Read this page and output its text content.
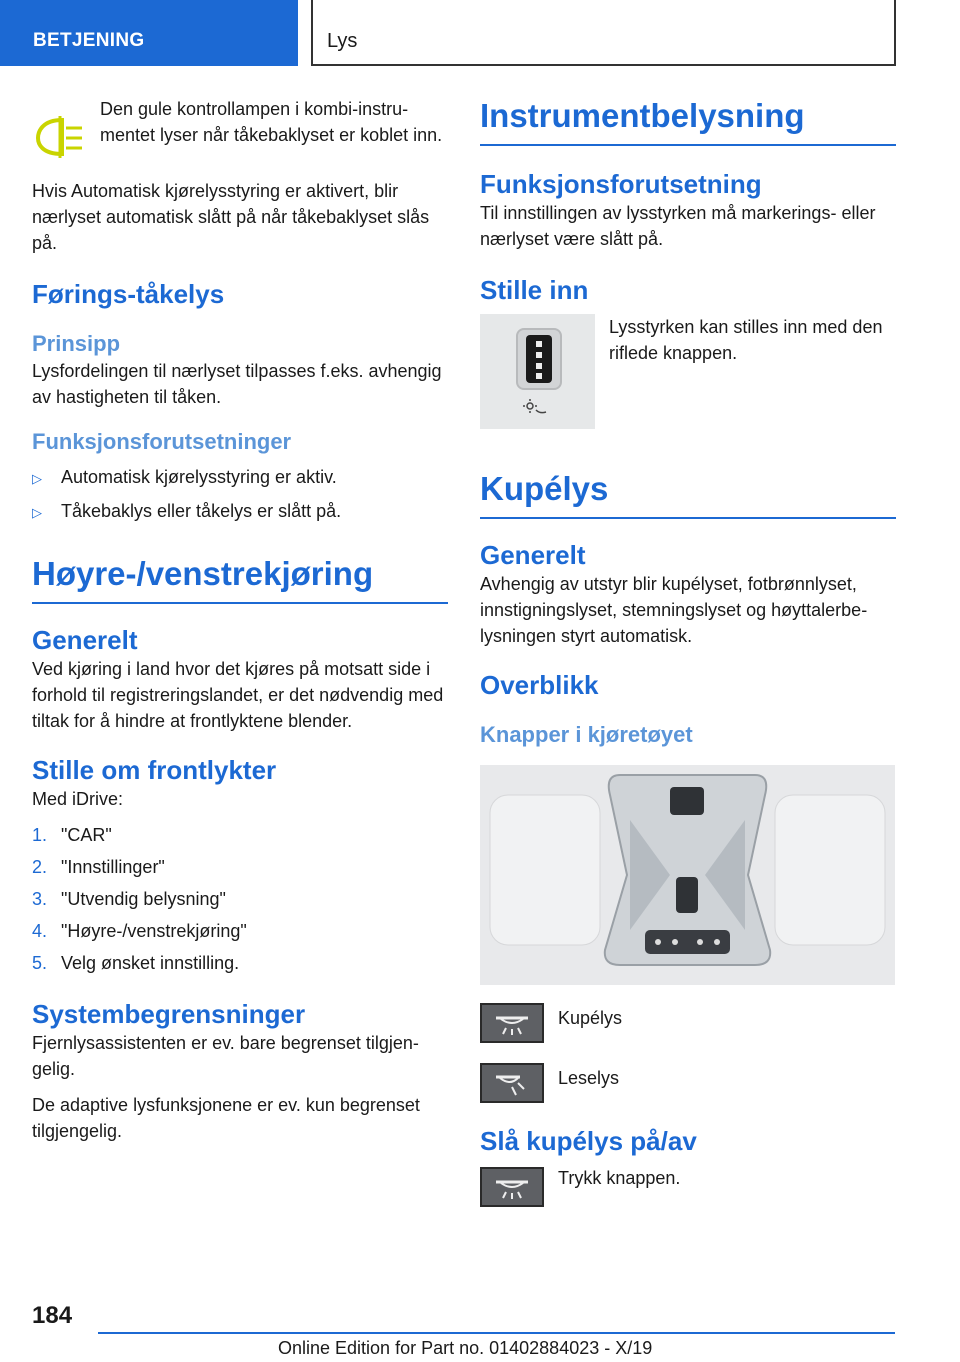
BETJENING	Lys

Den gule kontrollampen i kombi-instrumentet lyser når tåkebaklyset er koblet inn.

Hvis Automatisk kjørelysstyring er aktivert, blir nærlyset automatisk slått på når tåkebaklyset slås på.

Førings-tåkelys
Prinsipp

Lysfordelingen til nærlyset tilpasses f.eks. avhengig av hastigheten til tåken.

Funksjonsforutsetninger
▷	Automatisk kjørelysstyring er aktiv.
▷	Tåkebaklys eller tåkelys er slått på.
Høyre-/venstrekjøring
Generelt

Ved kjøring i land hvor det kjøres på motsatt side i forhold til registreringslandet, er det nødvendig med tiltak for å hindre at frontlyktene blender.

Stille om frontlykter

Med iDrive:

1. "CAR"
2. "Innstillinger"
3. "Utvendig belysning"
4. "Høyre-/venstrekjøring"
5. Velg ønsket innstilling.
Systembegrensninger

Fjernlysassistenten er ev. bare begrenset tilgjengelig.

De adaptive lysfunksjonene er ev. kun begrenset tilgjengelig.

Instrumentbelysning
Funksjonsforutsetning

Til innstillingen av lysstyrken må markerings- eller nærlyset være slått på.

Stille inn

Lysstyrken kan stilles inn med den riflede knappen.

Kupélys
Generelt

Avhengig av utstyr blir kupélyset, fotbrønnlyset, innstigningslyset, stemningslyset og høyttalerbelysningen styrt automatisk.

Overblikk
Knapper i kjøretøyet

Kupélys

Leselys

Slå kupélys på/av

Trykk knappen.

184
Online Edition for Part no. 01402884023 - X/19
